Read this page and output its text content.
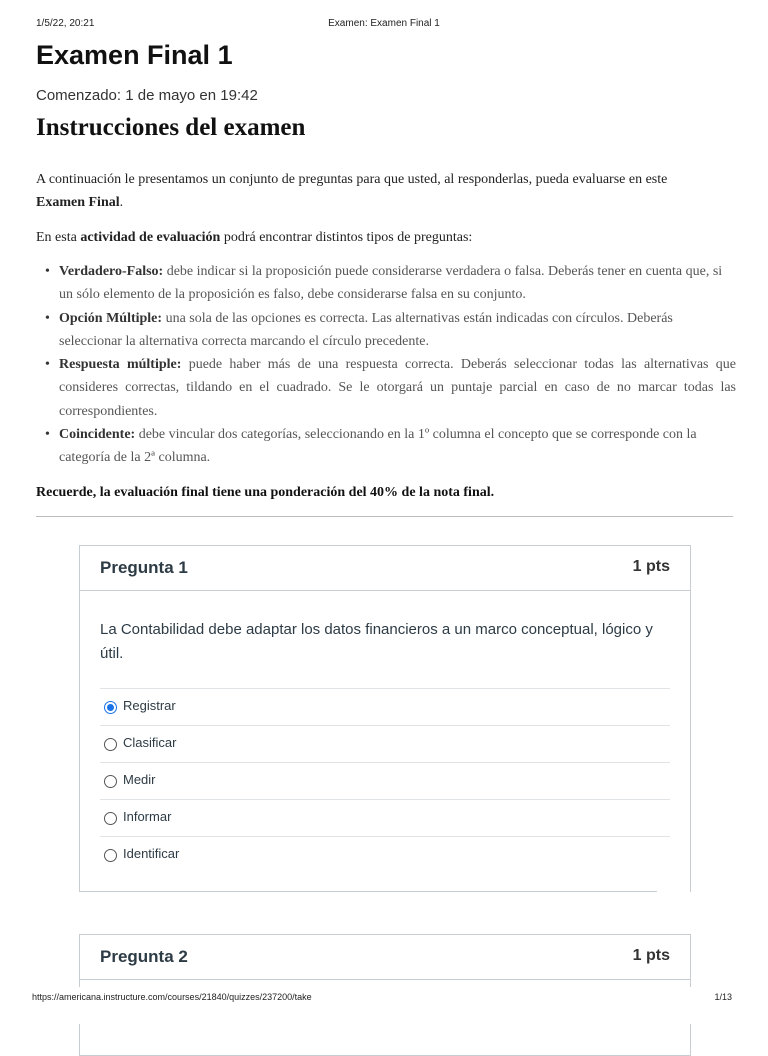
1/5/22, 20:21	Examen: Examen Final 1
Examen Final 1
Comenzado: 1 de mayo en 19:42
Instrucciones del examen
A continuación le presentamos un conjunto de preguntas para que usted, al responderlas, pueda evaluarse en este Examen Final.
En esta actividad de evaluación podrá encontrar distintos tipos de preguntas:
• Verdadero-Falso: debe indicar si la proposición puede considerarse verdadera o falsa. Deberás tener en cuenta que, si un sólo elemento de la proposición es falso, debe considerarse falsa en su conjunto.
• Opción Múltiple: una sola de las opciones es correcta. Las alternativas están indicadas con círculos. Deberás seleccionar la alternativa correcta marcando el círculo precedente.
• Respuesta múltiple: puede haber más de una respuesta correcta. Deberás seleccionar todas las alternativas que consideres correctas, tildando en el cuadrado. Se le otorgará un puntaje parcial en caso de no marcar todas las correspondientes.
• Coincidente: debe vincular dos categorías, seleccionando en la 1º columna el concepto que se corresponde con la categoría de la 2ª columna.
Recuerde, la evaluación final tiene una ponderación del 40% de la nota final.
Pregunta 1	1 pts
La Contabilidad debe adaptar los datos financieros a un marco conceptual, lógico y útil.
Registrar
Clasificar
Medir
Informar
Identificar
Pregunta 2	1 pts
https://americana.instructure.com/courses/21840/quizzes/237200/take	1/13
